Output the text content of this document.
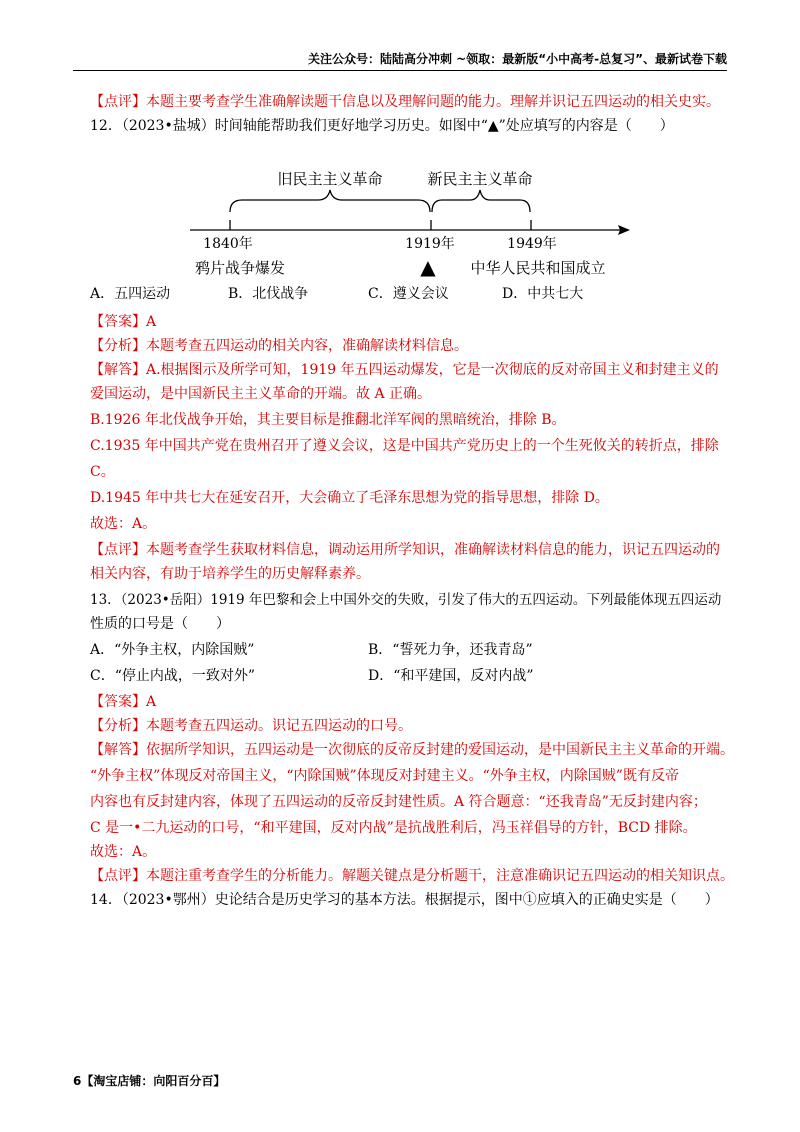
关注公众号：陆陆高分冲刺 ~领取：最新版“小中高考-总复习”、最新试卷下载
【点评】本题主要考查学生准确解读题干信息以及理解问题的能力。理解并识记五四运动的相关史实。
12．（2023•盐城）时间轴能帮助我们更好地学习历史。如图中“▲”处应填写的内容是（　　）
旧民主主义革命	新民主主义革命
1840年	1919年	1949年
鸦片战争爆发	▲ 中华人民共和国成立
A．五四运动	B．北伐战争	C．遵义会议	D．中共七大
【答案】A
【分析】本题考查五四运动的相关内容，准确解读材料信息。
【解答】A.根据图示及所学可知，1919 年五四运动爆发，它是一次彻底的反对帝国主义和封建主义的
爱国运动，是中国新民主主义革命的开端。故 A 正确。
B.1926 年北伐战争开始，其主要目标是推翻北洋军阀的黑暗统治，排除 B。
C.1935 年中国共产党在贵州召开了遵义会议，这是中国共产党历史上的一个生死攸关的转折点，排除
C。
D.1945 年中共七大在延安召开，大会确立了毛泽东思想为党的指导思想，排除 D。
故选：A。
【点评】本题考查学生获取材料信息，调动运用所学知识，准确解读材料信息的能力，识记五四运动的
相关内容，有助于培养学生的历史解释素养。
13．（2023•岳阳）1919 年巴黎和会上中国外交的失败，引发了伟大的五四运动。下列最能体现五四运动
性质的口号是（　　）
A．“外争主权，内除国贼”	B．“誓死力争，还我青岛”
C．“停止内战，一致对外”	D．“和平建国，反对内战”
【答案】A
【分析】本题考查五四运动。识记五四运动的口号。
【解答】依据所学知识，五四运动是一次彻底的反帝反封建的爱国运动，是中国新民主主义革命的开端。
“外争主权”体现反对帝国主义，“内除国贼”体现反对封建主义。“外争主权，内除国贼”既有反帝
内容也有反封建内容，体现了五四运动的反帝反封建性质。A 符合题意：“还我青岛”无反封建内容；
C 是一•二九运动的口号，“和平建国，反对内战”是抗战胜利后，冯玉祥倡导的方针，BCD 排除。
故选：A。
【点评】本题注重考查学生的分析能力。解题关键点是分析题干，注意准确识记五四运动的相关知识点。
14．（2023•鄂州）史论结合是历史学习的基本方法。根据提示，图中①应填入的正确史实是（　　）
6【淘宝店铺：向阳百分百】
